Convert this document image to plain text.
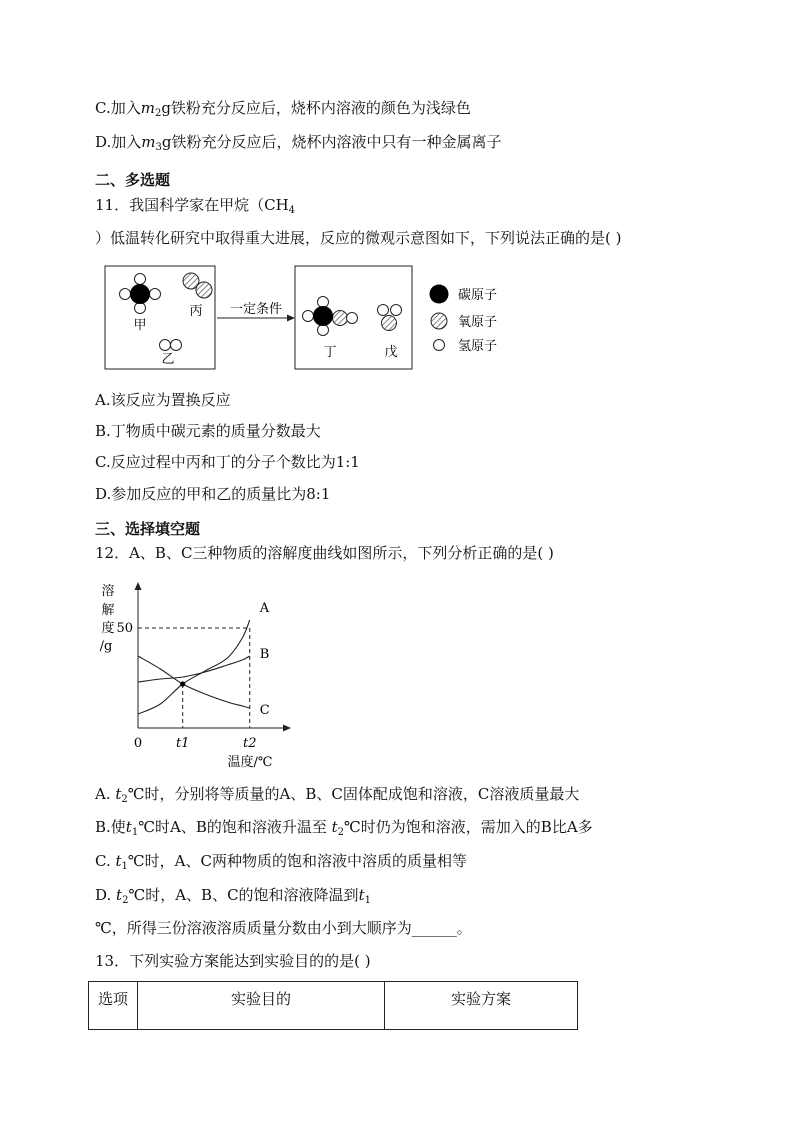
C.加入$m_2g$铁粉充分反应后，烧杯内溶液的颜色为浅绿色
D.加入$m_3g$铁粉充分反应后，烧杯内溶液中只有一种金属离子
二、多选题
11．我国科学家在甲烷（$CH_4$
）低温转化研究中取得重大进展，反应的微观示意图如下，下列说法正确的是( )
甲
丙
乙
一定条件
丁	戊
碳原子
氧原子
氢原子
A.该反应为置换反应
B.丁物质中碳元素的质量分数最大
C.反应过程中丙和丁的分子个数比为1:1
D.参加反应的甲和乙的质量比为8:1
三、选择填空题
12．A、B、C三种物质的溶解度曲线如图所示，下列分析正确的是( )
A
B
C
溶
解
度
/g
50
0	t1	t2
温度/℃
A. $t_2℃$时，分别将等质量的A、B、C固体配成饱和溶液，C溶液质量最大
B.使$t_1℃$时A、B的饱和溶液升温至 $t_2℃$时仍为饱和溶液，需加入的B比A多
C. $t_1℃$时，A、C两种物质的饱和溶液中溶质的质量相等
D. $t_2℃$时，A、B、C的饱和溶液降温到$t_1$
℃，所得三份溶液溶质质量分数由小到大顺序为______。
13．下列实验方案能达到实验目的的是( )
选项	实验目的	实验方案
